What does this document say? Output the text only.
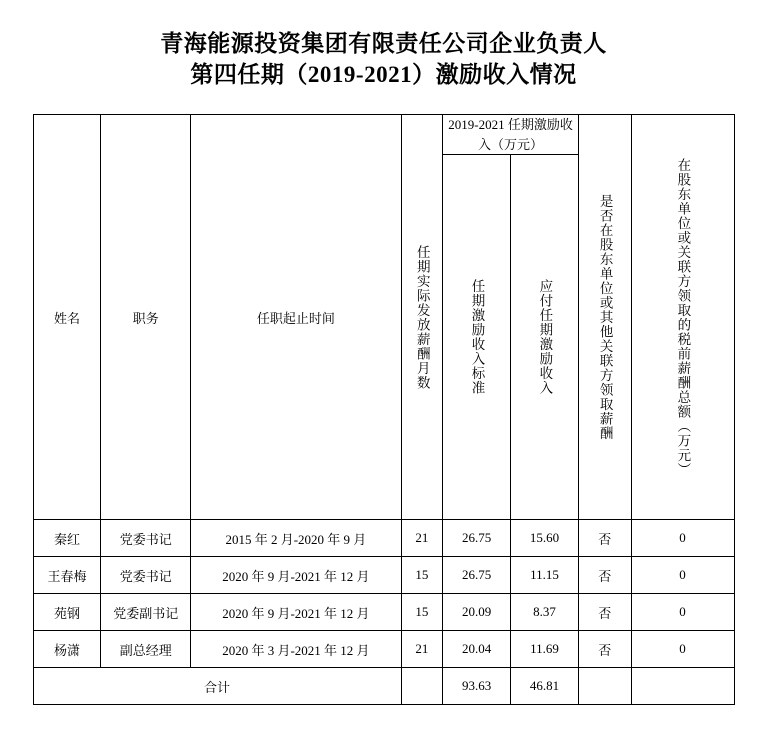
青海能源投资集团有限责任公司企业负责人
第四任期（2019-2021）激励收入情况
姓名	职务	任职起止时间	任期实际发放薪酬月数	2019-2021 任期激励收入（万元）		是否在股东单位或其他关联方领取薪酬	在股东单位或关联方领取的税前薪酬总额（万元）

				任期激励收入标准	应付任期激励收入		

秦红	党委书记	2015 年 2 月-2020 年 9 月	21	26.75	15.60	否	0
王春梅	党委书记	2020 年 9 月-2021 年 12 月	15	26.75	11.15	否	0
苑钢	党委副书记	2020 年 9 月-2021 年 12 月	15	20.09	8.37	否	0
杨潇	副总经理	2020 年 3 月-2021 年 12 月	21	20.04	11.69	否	0
合计				93.63	46.81		
